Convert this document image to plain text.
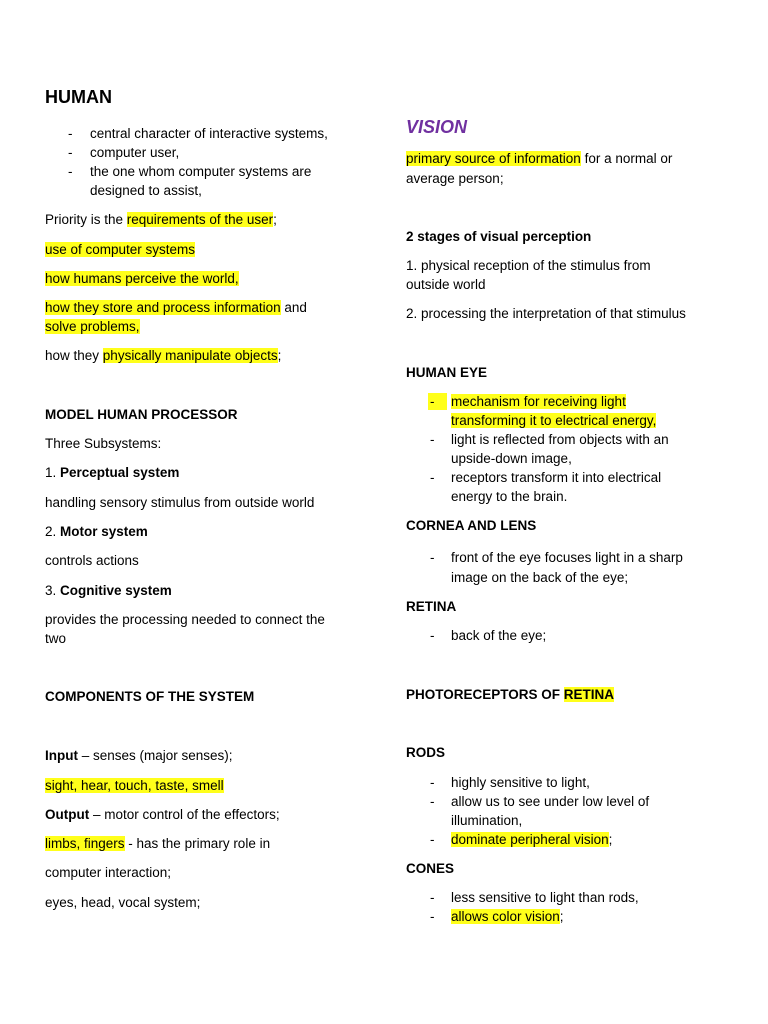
HUMAN
- central character of interactive systems,
- computer user,
- the one whom computer systems are
designed to assist,
Priority is the requirements of the user;
use of computer systems
how humans perceive the world,
how they store and process information and
solve problems,
how they physically manipulate objects;
MODEL HUMAN PROCESSOR
Three Subsystems:
1. Perceptual system
handling sensory stimulus from outside world
2. Motor system
controls actions
3. Cognitive system
provides the processing needed to connect the
two
COMPONENTS OF THE SYSTEM
Input – senses (major senses);
sight, hear, touch, taste, smell
Output – motor control of the effectors;
limbs, fingers - has the primary role in
computer interaction;
eyes, head, vocal system;
VISION
primary source of information for a normal or
average person;
2 stages of visual perception
1. physical reception of the stimulus from
outside world
2. processing the interpretation of that stimulus
HUMAN EYE
-	mechanism for receiving light
transforming it to electrical energy,
- light is reflected from objects with an
upside-down image,
- receptors transform it into electrical
energy to the brain.
CORNEA AND LENS
- front of the eye focuses light in a sharp
image on the back of the eye;
RETINA
- back of the eye;
PHOTORECEPTORS OF RETINA
RODS
- highly sensitive to light,
- allow us to see under low level of
illumination,
- dominate peripheral vision;
CONES
- less sensitive to light than rods,
- allows color vision;
